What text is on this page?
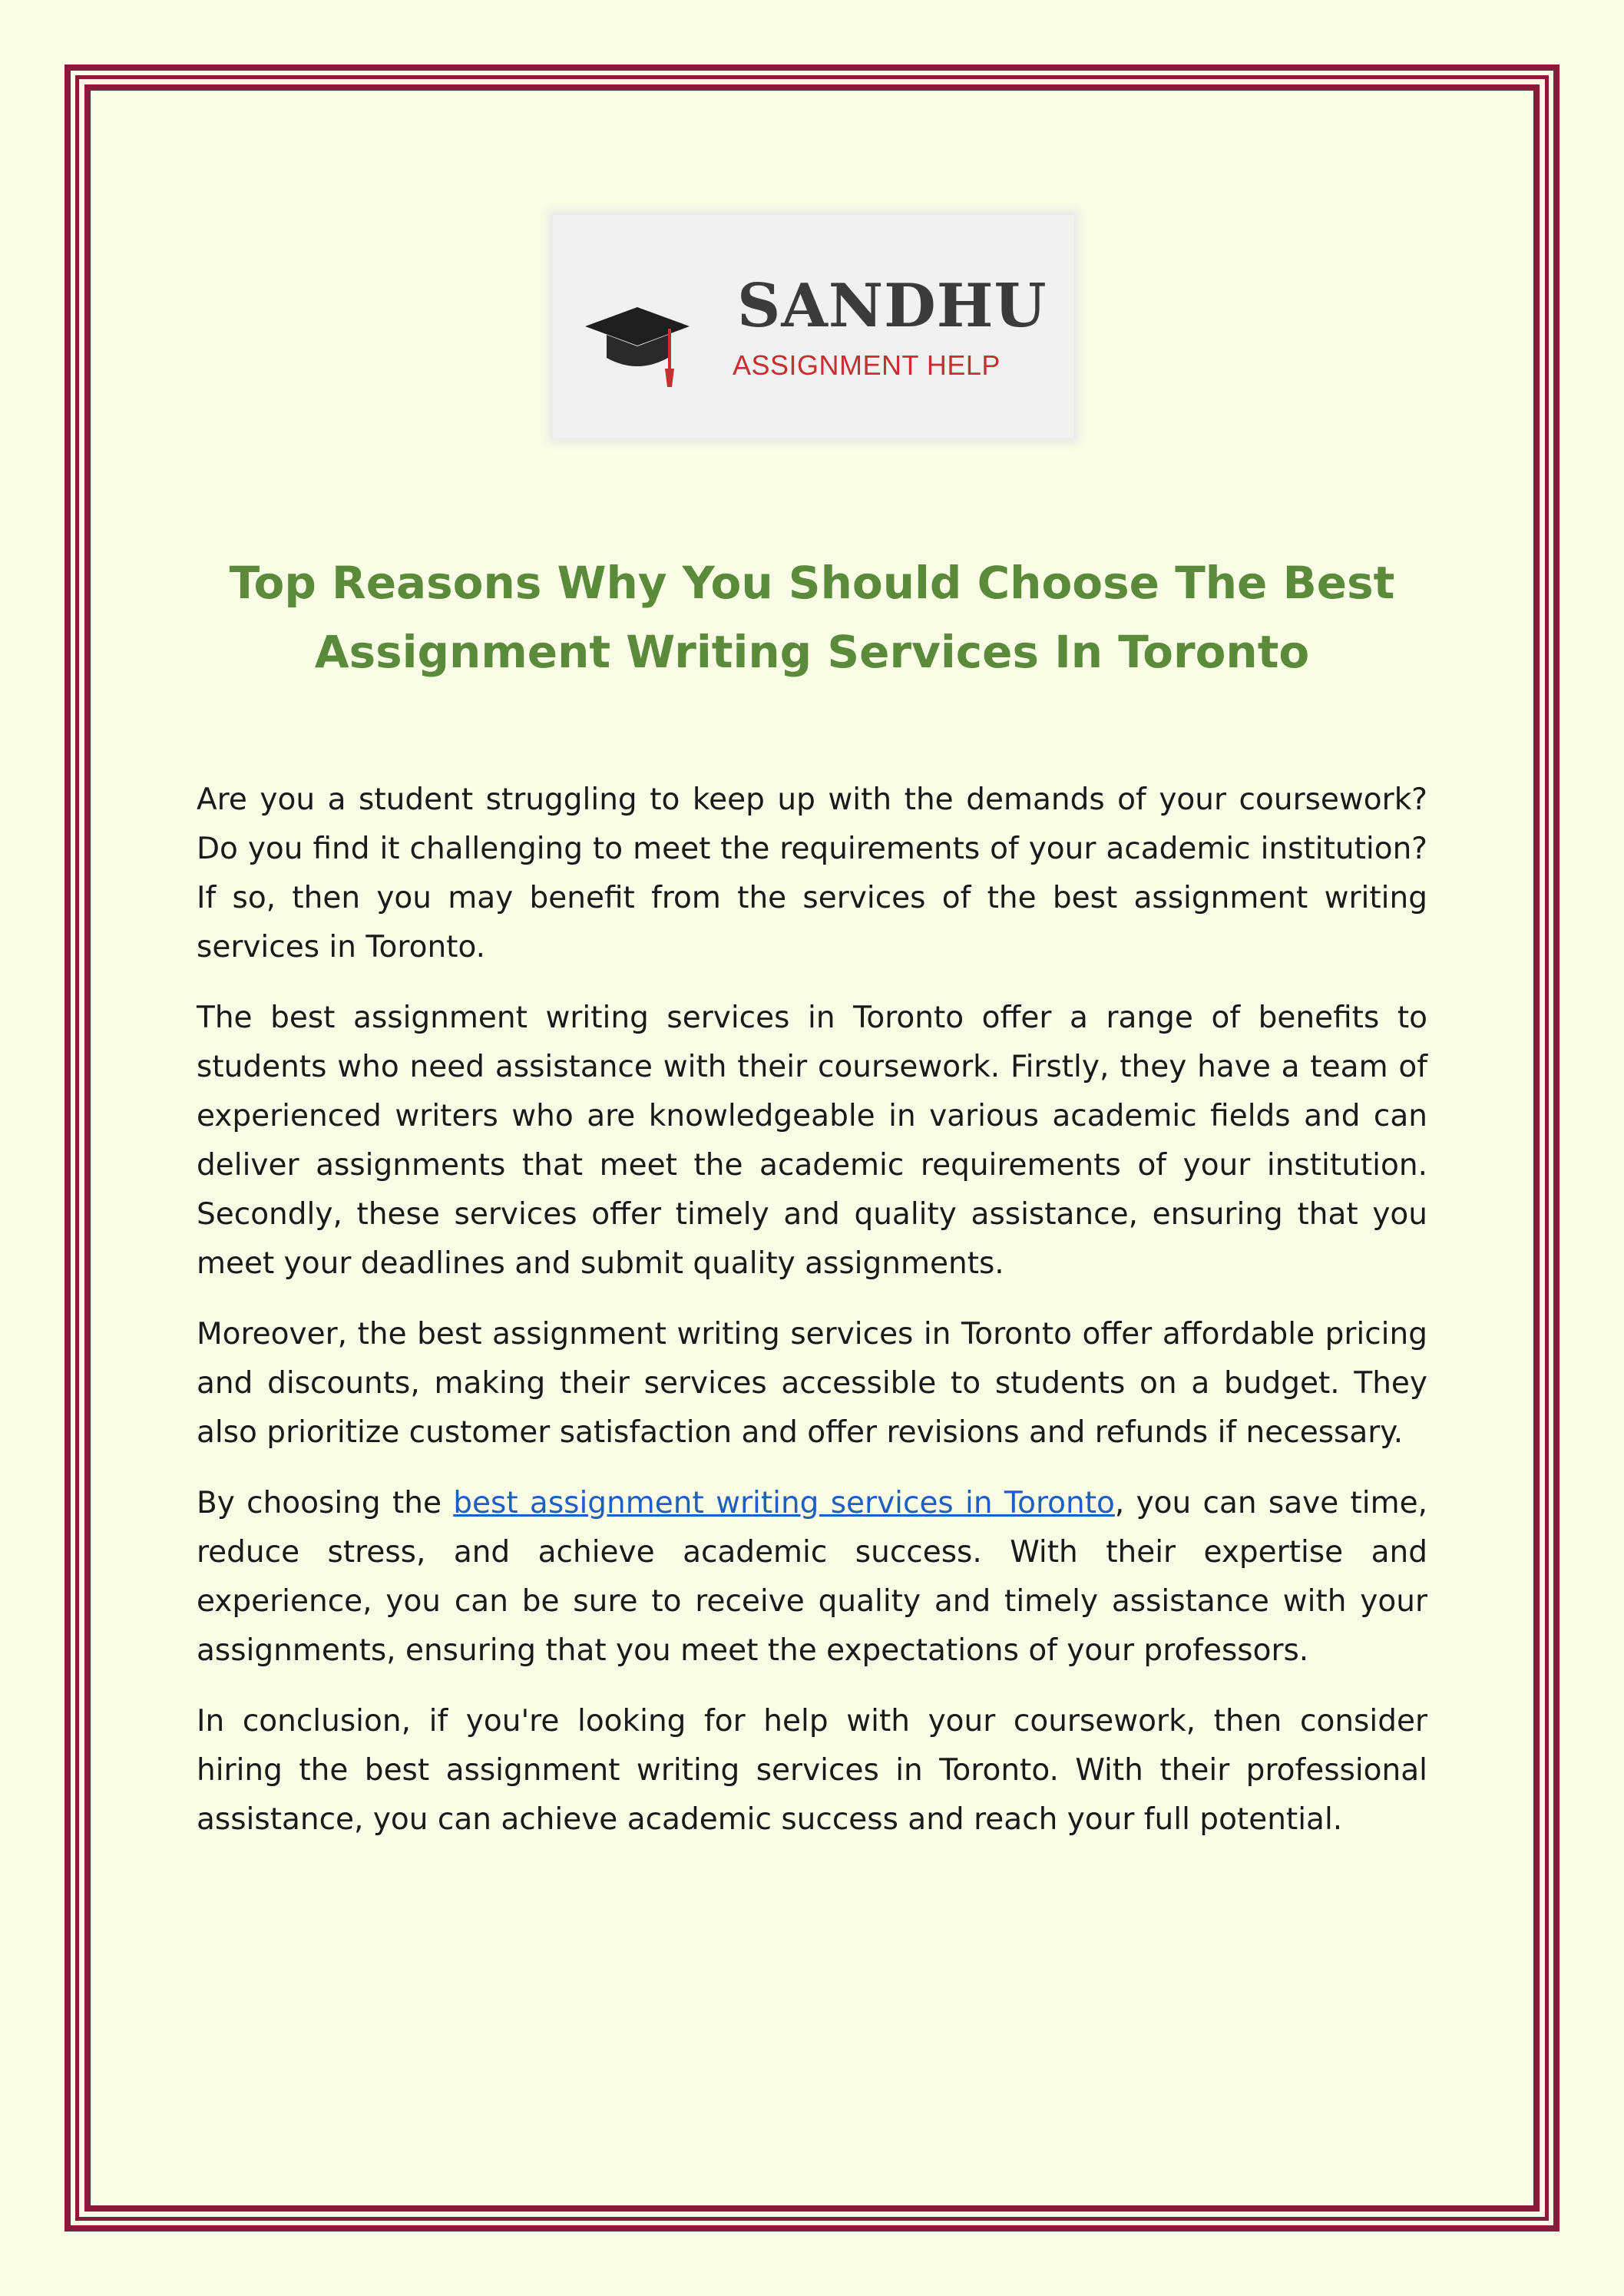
SANDHU
ASSIGNMENT HELP
Top Reasons Why You Should Choose The Best
Assignment Writing Services In Toronto

Are you a student struggling to keep up with the demands of your coursework? Do you find it challenging to meet the requirements of your academic institution? If so, then you may benefit from the services of the best assignment writing services in Toronto.

The best assignment writing services in Toronto offer a range of benefits to students who need assistance with their coursework. Firstly, they have a team of experienced writers who are knowledgeable in various academic fields and can deliver assignments that meet the academic requirements of your institution. Secondly, these services offer timely and quality assistance, ensuring that you meet your deadlines and submit quality assignments.

Moreover, the best assignment writing services in Toronto offer affordable pricing and discounts, making their services accessible to students on a budget. They also prioritize customer satisfaction and offer revisions and refunds if necessary.

By choosing the best assignment writing services in Toronto, you can save time, reduce stress, and achieve academic success. With their expertise and experience, you can be sure to receive quality and timely assistance with your assignments, ensuring that you meet the expectations of your professors.

In conclusion, if you're looking for help with your coursework, then consider hiring the best assignment writing services in Toronto. With their professional assistance, you can achieve academic success and reach your full potential.
